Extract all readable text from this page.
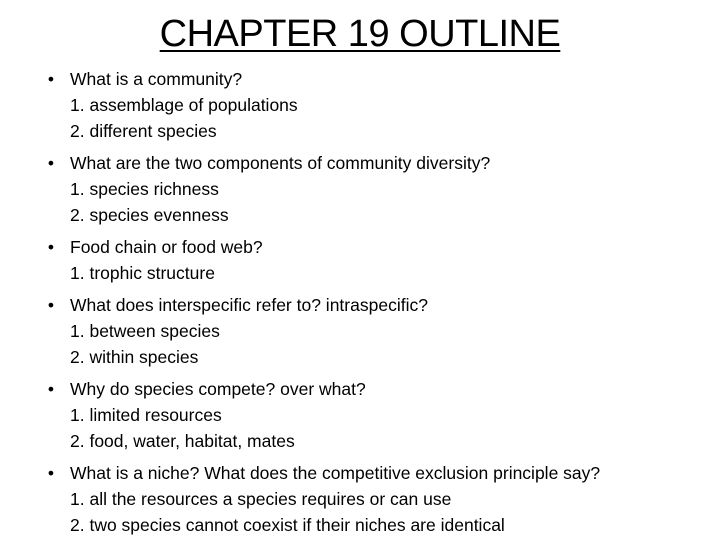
CHAPTER 19 OUTLINE
• What is a community?
1. assemblage of populations
2. different species
• What are the two components of community diversity?
1. species richness
2. species evenness
• Food chain or food web?
1. trophic structure
• What does interspecific refer to? intraspecific?
1. between species
2. within species
• Why do species compete? over what?
1. limited resources
2. food, water, habitat, mates
• What is a niche? What does the competitive exclusion principle say?
1. all the resources a species requires or can use
2. two species cannot coexist if their niches are identical
